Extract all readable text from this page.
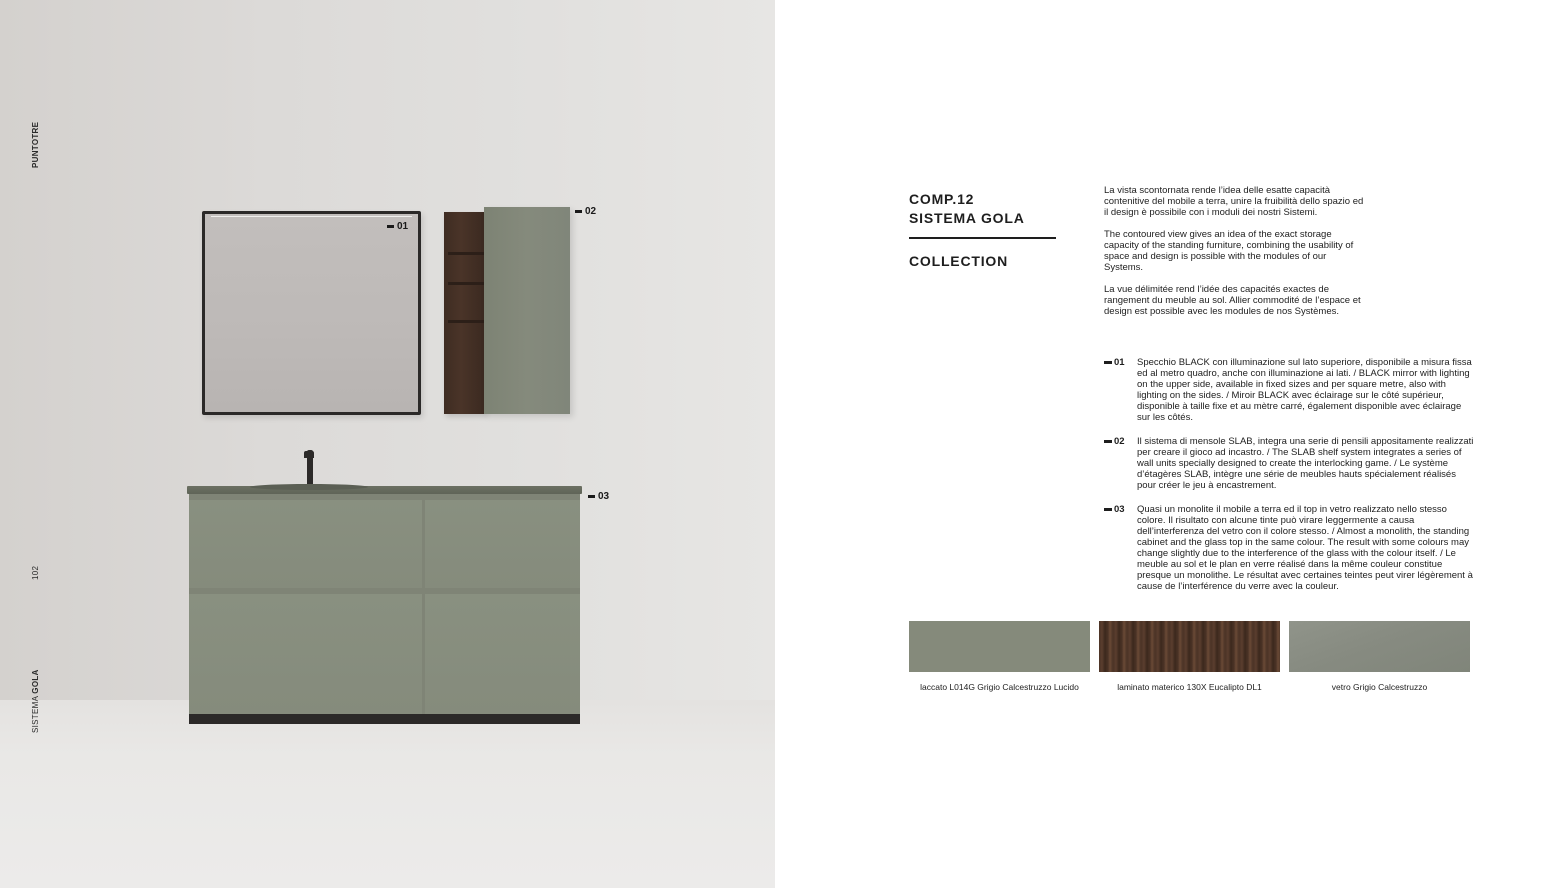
PUNTOTRE
102
SISTEMA GOLA
01
02
03
COMP.12
SISTEMA GOLA
COLLECTION

La vista scontornata rende l’idea delle esatte capacità contenitive del mobile a terra, unire la fruibilità dello spazio ed il design è possibile con i moduli dei nostri Sistemi.

The contoured view gives an idea of the exact storage capacity of the standing furniture, combining the usability of space and design is possible with the modules of our Systems.

La vue délimitée rend l’idée des capacités exactes de rangement du meuble au sol. Allier commodité de l’espace et design est possible avec les modules de nos Systèmes.

01 Specchio BLACK con illuminazione sul lato superiore, disponibile a misura fissa ed al metro quadro, anche con illuminazione ai lati. / BLACK mirror with lighting on the upper side, available in fixed sizes and per square metre, also with lighting on the sides. / Miroir BLACK avec éclairage sur le côté supérieur, disponible à taille fixe et au mètre carré, également disponible avec éclairage sur les côtés.
02 Il sistema di mensole SLAB, integra una serie di pensili appositamente realizzati per creare il gioco ad incastro. / The SLAB shelf system integrates a series of wall units specially designed to create the interlocking game. / Le système d’étagères SLAB, intègre une série de meubles hauts spécialement réalisés pour créer le jeu à encastrement.
03 Quasi un monolite il mobile a terra ed il top in vetro realizzato nello stesso colore. Il risultato con alcune tinte può virare leggermente a causa dell’interferenza del vetro con il colore stesso. / Almost a monolith, the standing cabinet and the glass top in the same colour. The result with some colours may change slightly due to the interference of the glass with the colour itself. / Le meuble au sol et le plan en verre réalisé dans la même couleur constitue presque un monolithe. Le résultat avec certaines teintes peut virer légèrement à cause de l’interférence du verre avec la couleur.
laccato L014G Grigio Calcestruzzo Lucido	laminato materico 130X Eucalipto DL1	vetro Grigio Calcestruzzo
